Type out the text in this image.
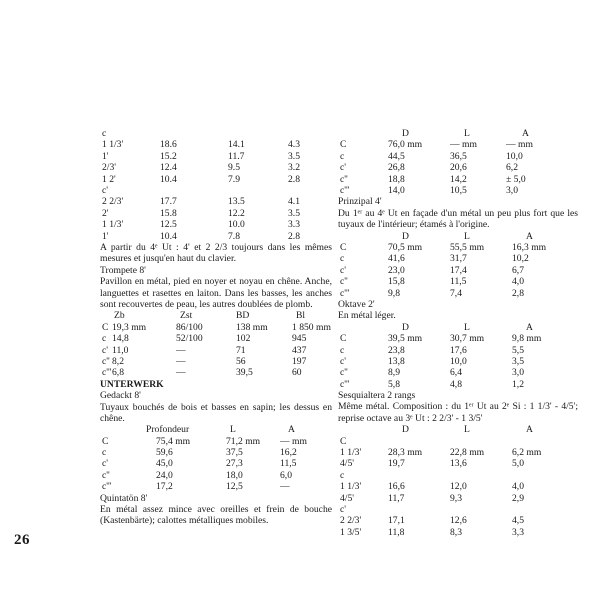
26
c
1 1/3'	18.6	14.1	4.3
1'	15.2	11.7	3.5
2/3'	12.4	9.5	3.2
1 2'	10.4	7.9	2.8
c'
2 2/3'	17.7	13.5	4.1
2'	15.8	12.2	3.5
1 1/3'	12.5	10.0	3.3
1'	10.4	7.8	2.8
A partir du 4ᵉ Ut : 4' et 2 2/3 toujours dans les mêmes mesures et jusqu'en haut du clavier.
Trompete 8'
Pavillon en métal, pied en noyer et noyau en chêne. Anche, languettes et rasettes en laiton. Dans les basses, les anches sont recouvertes de peau, les autres doublées de plomb.
Zb	Zst	BD	Bl
C 19,3 mm	86/100	138 mm	1 850 mm
c 14,8	52/100	102	945
c' 11,0	—	71	437
c'' 8,2	—	56	197
c''' 6,8	—	39,5	60
UNTERWERK
Gedackt 8'
Tuyaux bouchés de bois et basses en sapin; les dessus en chêne.
Profondeur	L	A
C	75,4 mm	71,2 mm — mm
c	59,6	37,5	16,2
c'	45,0	27,3	11,5
c''	24,0	18,0	6,0
c'''	17,2	12,5	—
Quintatön 8'
En métal assez mince avec oreilles et frein de bouche (Kastenbärte); calottes métalliques mobiles.
D	L	A
C	76,0 mm	— mm	— mm
c	44,5	36,5	10,0
c'	26,8	20,6	6,2
c''	18,8	14,2	± 5,0
c'''	14,0	10,5	3,0
Prinzipal 4'
Du 1ᵉʳ au 4ᵉ Ut en façade d'un métal un peu plus fort que les tuyaux de l'intérieur; étamés à l'origine.
D	L	A
C	70,5 mm	55,5 mm	16,3 mm
c	41,6	31,7	10,2
c'	23,0	17,4	6,7
c''	15,8	11,5	4,0
c'''	9,8	7,4	2,8
Oktave 2'
En métal léger.
D	L	A
C	39,5 mm	30,7 mm	9,8 mm
c	23,8	17,6	5,5
c'	13,8	10,0	3,5
c''	8,9	6,4	3,0
c'''	5,8	4,8	1,2
Sesquialtera 2 rangs
Même métal. Composition : du 1ᵉʳ Ut au 2ᵉ Si : 1 1/3' - 4/5'; reprise octave au 3ᵉ Ut : 2 2/3' - 1 3/5'
D	L	A
C
1 1/3'	28,3 mm	22,8 mm	6,2 mm
4/5'	19,7	13,6	5,0
c
1 1/3'	16,6	12,0	4,0
4/5'	11,7	9,3	2,9
c'
2 2/3'	17,1	12,6	4,5
1 3/5'	11,8	8,3	3,3
